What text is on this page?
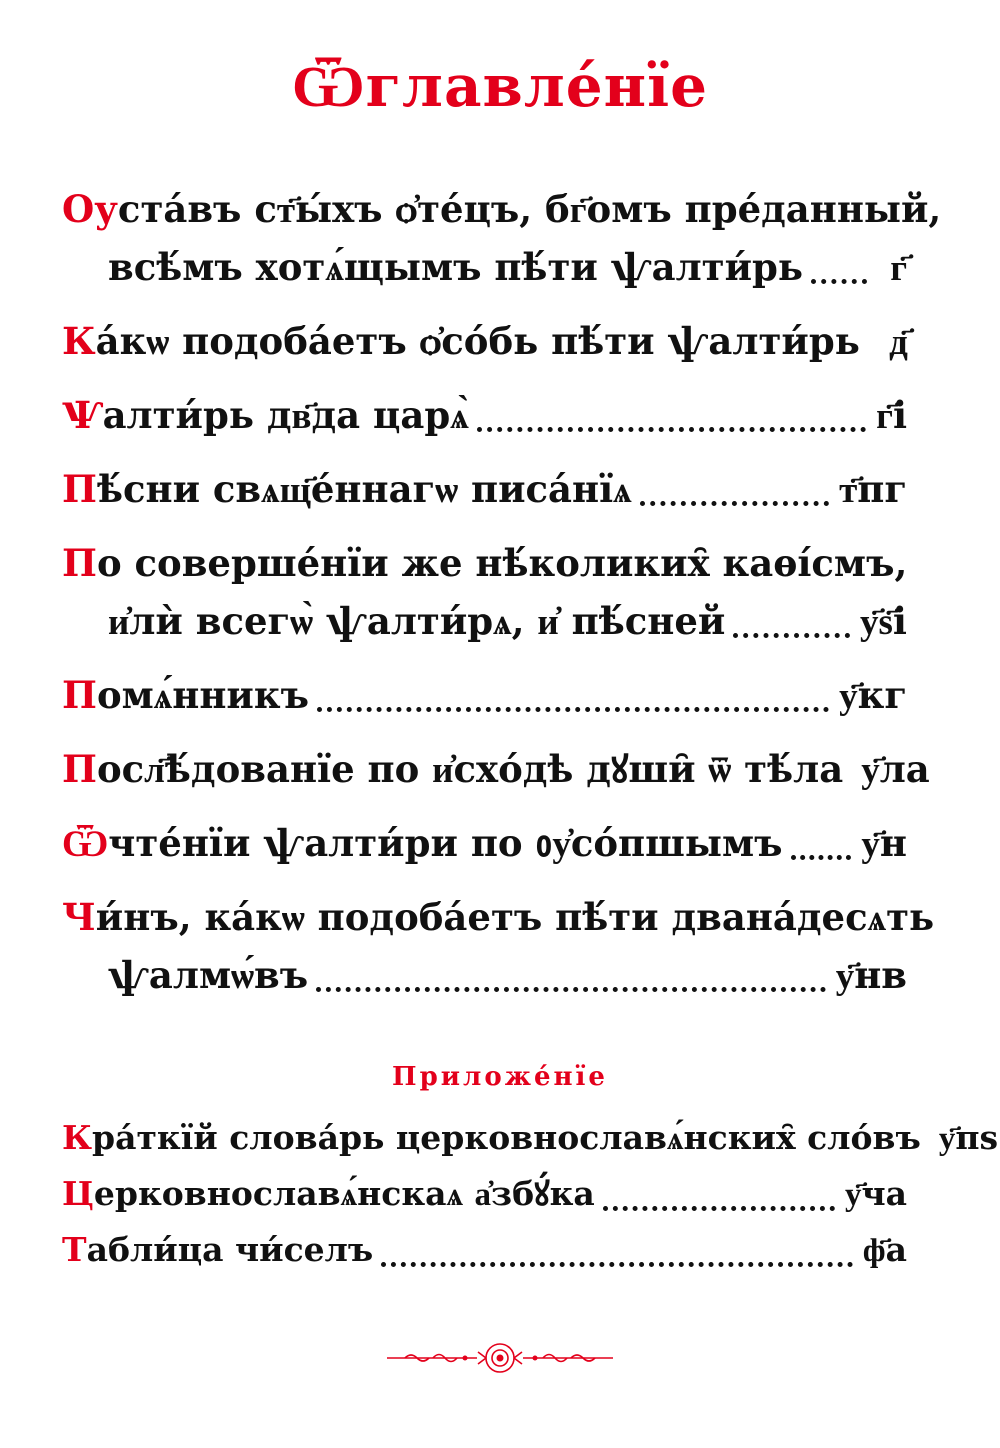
Ѿглавле́нїе
Оу ста́въ ст҃ы́хъ ѻ҆те́цъ, бг҃омъ пре́данный,
всѣ́мъ хотѧ́щымъ пѣ́ти ѱалти́рь	г҃
К а́кѡ подоба́етъ ѻ҆со́бь пѣ́ти ѱалти́рь д҃
Ѱ алти́рь дв҃да царѧ̀	г҃і
П ѣ́сни свѧщ҃е́ннагѡ писа́нїѧ	т҃пг
П о соверше́нїи же нѣ́коликих̑ каѳі́смъ,
и҆лѝ всегѡ̀ ѱалти́рѧ, и҆ пѣ́сней	у҃ѕ҃і
П омѧ́нникъ	у҃кг
П осл҃ѣ́дованїе по и҆схо́дѣ дꙋши̑ ѿ тѣ́ла у҃ла
Ѿ чте́нїи ѱалти́ри по ᲂу҆со́пшымъ у҃н
Ч и́нъ, ка́кѡ подоба́етъ пѣ́ти двана́десѧть
ѱалмѡ́въ	у҃нв
Приложе́нїе
К ра́ткїй слова́рь церковнославѧ́нских̑ сло́въ у҃пѕ
Ц ерковнославѧ́нскаѧ а҆збꙋ́ка	у҃ча
Т абли́ца чи́селъ	ф҃а
